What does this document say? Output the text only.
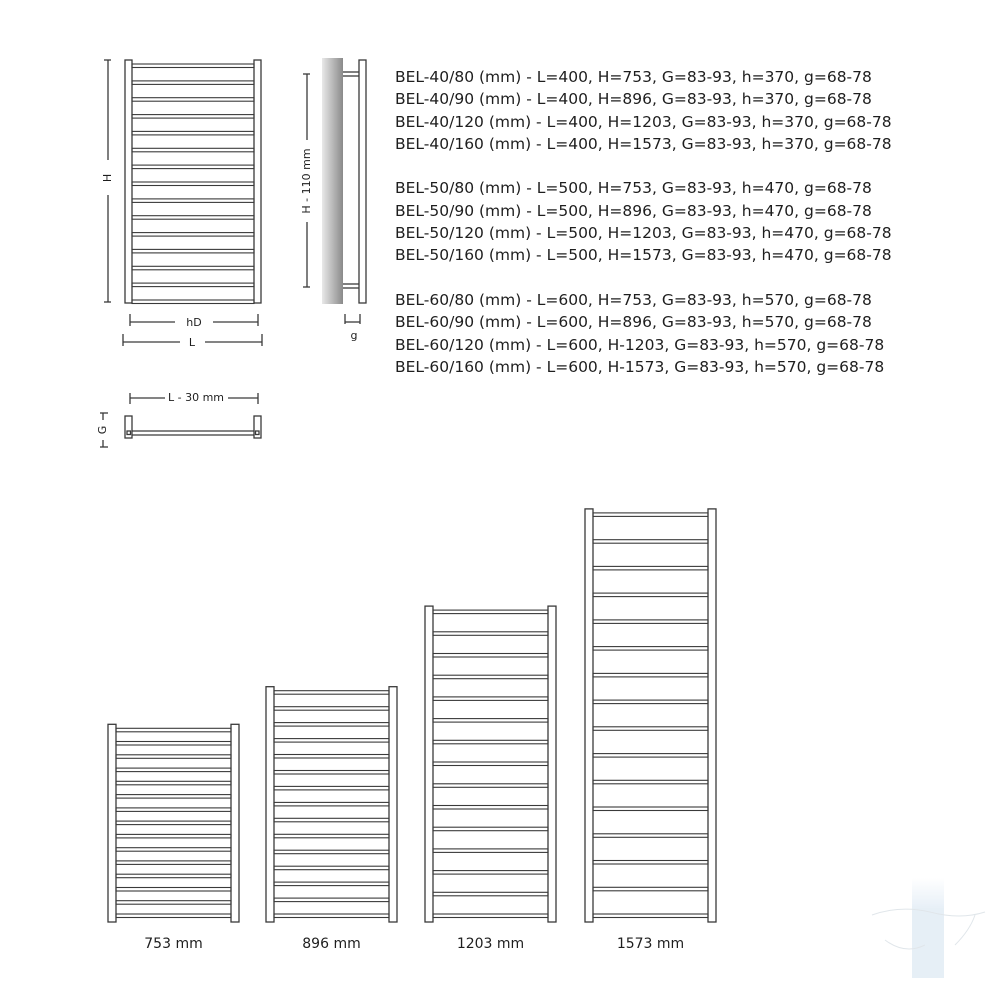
H
hD
L
H - 110 mm
g
L - 30 mm
G
753 mm	896 mm	1203 mm	1573 mm
BEL-40/80 (mm) - L=400, H=753, G=83-93, h=370, g=68-78
BEL-40/90 (mm) - L=400, H=896, G=83-93, h=370, g=68-78
BEL-40/120 (mm) - L=400, H=1203, G=83-93, h=370, g=68-78
BEL-40/160 (mm) - L=400, H=1573, G=83-93, h=370, g=68-78
BEL-50/80 (mm) - L=500, H=753, G=83-93, h=470, g=68-78
BEL-50/90 (mm) - L=500, H=896, G=83-93, h=470, g=68-78
BEL-50/120 (mm) - L=500, H=1203, G=83-93, h=470, g=68-78
BEL-50/160 (mm) - L=500, H=1573, G=83-93, h=470, g=68-78
BEL-60/80 (mm) - L=600, H=753, G=83-93, h=570, g=68-78
BEL-60/90 (mm) - L=600, H=896, G=83-93, h=570, g=68-78
BEL-60/120 (mm) - L=600, H-1203, G=83-93, h=570, g=68-78
BEL-60/160 (mm) - L=600, H-1573, G=83-93, h=570, g=68-78
